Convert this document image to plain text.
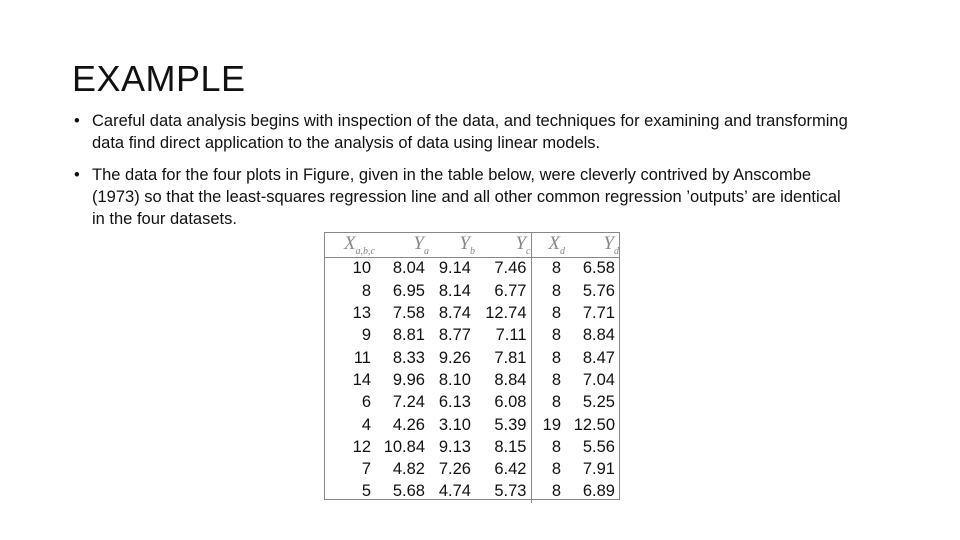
EXAMPLE
• Careful data analysis begins with inspection of the data, and techniques for examining and transforming data find direct application to the analysis of data using linear models.
• The data for the four plots in Figure, given in the table below, were cleverly contrived by Anscombe (1973) so that the least-squares regression line and all other common regression ’outputs’ are identical in the four datasets.
$X_{a,b,c}$	$Y_a$	$Y_b$	$Y_c$	$X_d$	$Y_d$
10	8.04	9.14	7.46	8	6.58
8	6.95	8.14	6.77	8	5.76
13	7.58	8.74	12.74	8	7.71
9	8.81	8.77	7.11	8	8.84
11	8.33	9.26	7.81	8	8.47
14	9.96	8.10	8.84	8	7.04
6	7.24	6.13	6.08	8	5.25
4	4.26	3.10	5.39	19	12.50
12	10.84	9.13	8.15	8	5.56
7	4.82	7.26	6.42	8	7.91
5	5.68	4.74	5.73	8	6.89
